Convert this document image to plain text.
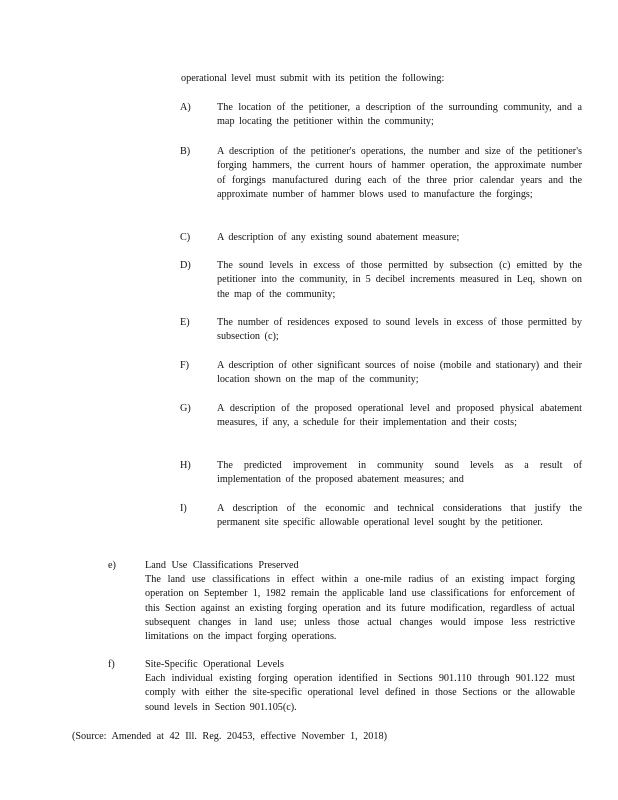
operational level must submit with its petition the following:
A)	The location of the petitioner, a description of the surrounding community, and a map locating the petitioner within the community;
B)	A description of the petitioner's operations, the number and size of the petitioner's forging hammers, the current hours of hammer operation, the approximate number of forgings manufactured during each of the three prior calendar years and the approximate number of hammer blows used to manufacture the forgings;
C)	A description of any existing sound abatement measure;
D)	The sound levels in excess of those permitted by subsection (c) emitted by the petitioner into the community, in 5 decibel increments measured in Leq, shown on the map of the community;
E)	The number of residences exposed to sound levels in excess of those permitted by subsection (c);
F)	A description of other significant sources of noise (mobile and stationary) and their location shown on the map of the community;
G)	A description of the proposed operational level and proposed physical abatement measures, if any, a schedule for their implementation and their costs;
H)	The predicted improvement in community sound levels as a result of implementation of the proposed abatement measures; and
I)	A description of the economic and technical considerations that justify the permanent site specific allowable operational level sought by the petitioner.
e)	Land Use Classifications Preserved
The land use classifications in effect within a one-mile radius of an existing impact forging operation on September 1, 1982 remain the applicable land use classifications for enforcement of this Section against an existing forging operation and its future modification, regardless of actual subsequent changes in land use; unless those actual changes would impose less restrictive limitations on the impact forging operations.
f)	Site-Specific Operational Levels
Each individual existing forging operation identified in Sections 901.110 through 901.122 must comply with either the site-specific operational level defined in those Sections or the allowable sound levels in Section 901.105(c).
(Source: Amended at 42 Ill. Reg. 20453, effective November 1, 2018)
